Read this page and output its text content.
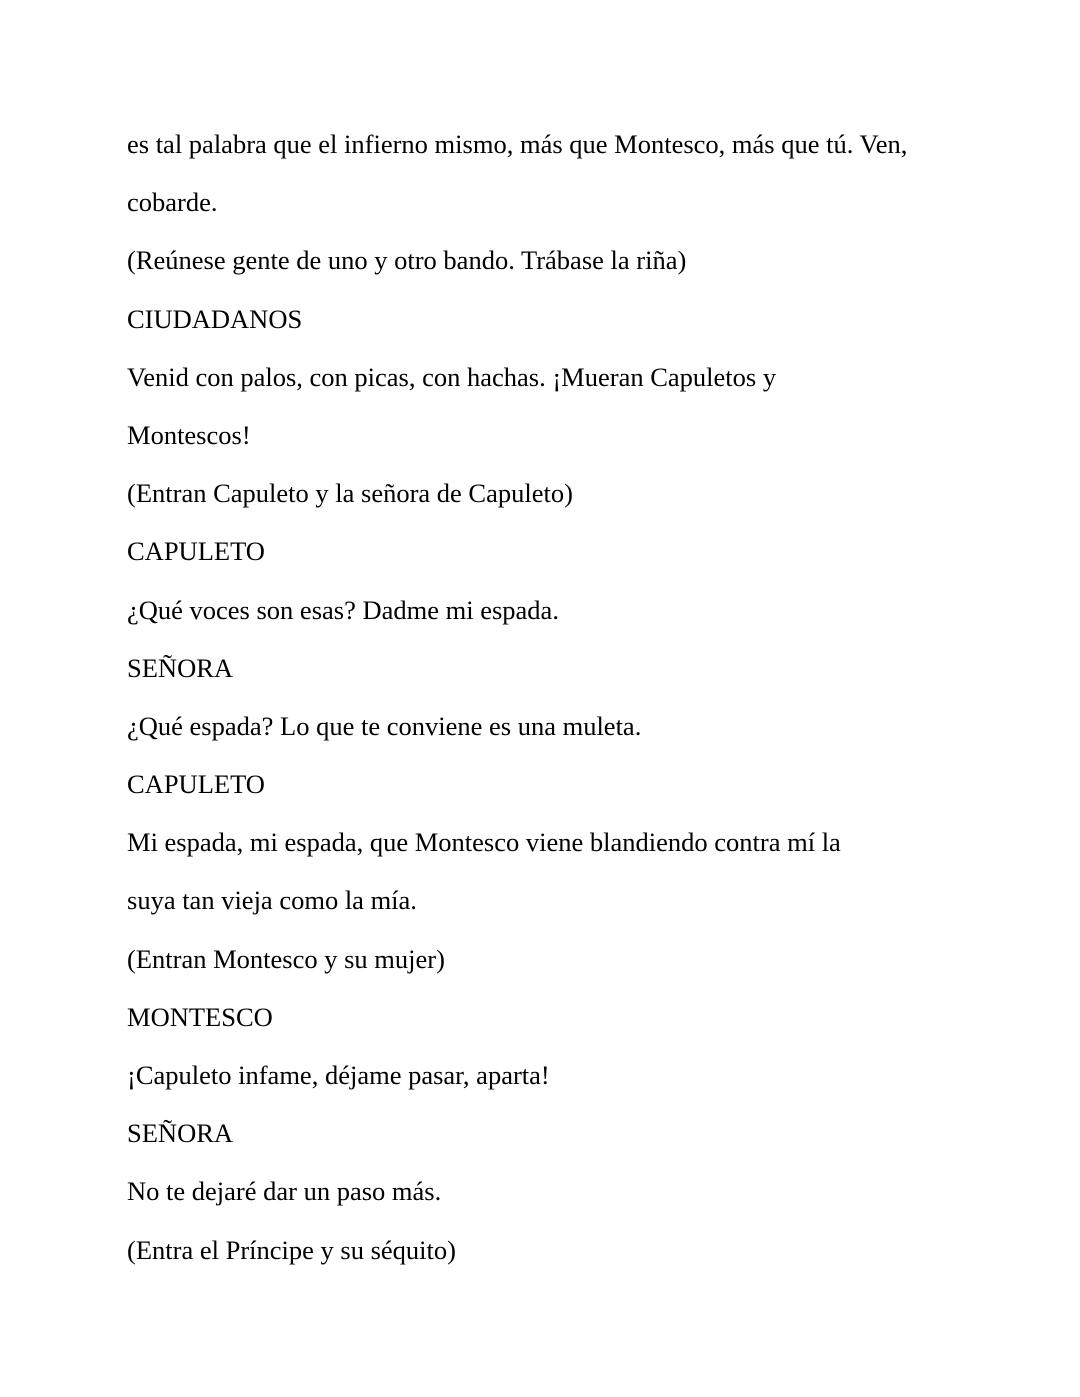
es tal palabra que el infierno mismo, más que Montesco, más que tú. Ven,

cobarde.

(Reúnese gente de uno y otro bando. Trábase la riña)

CIUDADANOS

Venid con palos, con picas, con hachas. ¡Mueran Capuletos y

Montescos!

(Entran Capuleto y la señora de Capuleto)

CAPULETO

¿Qué voces son esas? Dadme mi espada.

SEÑORA

¿Qué espada? Lo que te conviene es una muleta.

CAPULETO

Mi espada, mi espada, que Montesco viene blandiendo contra mí la

suya tan vieja como la mía.

(Entran Montesco y su mujer)

MONTESCO

¡Capuleto infame, déjame pasar, aparta!

SEÑORA

No te dejaré dar un paso más.

(Entra el Príncipe y su séquito)
